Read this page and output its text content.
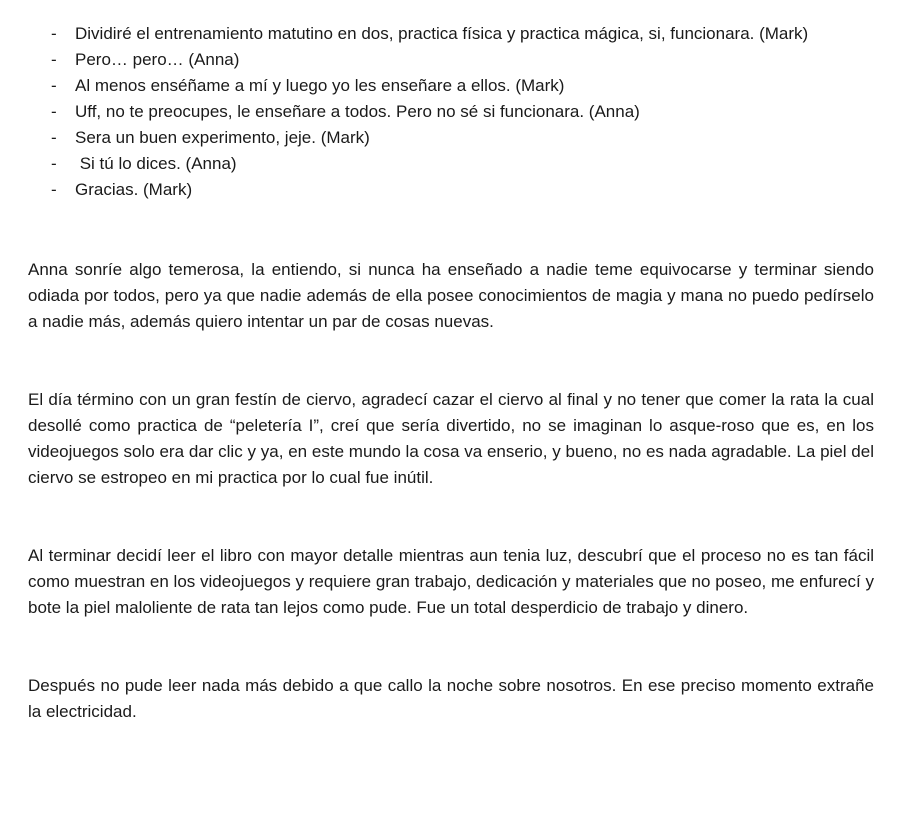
- Dividiré el entrenamiento matutino en dos, practica física y practica mágica, si, funcionara. (Mark)
- Pero… pero… (Anna)
- Al menos enséñame a mí y luego yo les enseñare a ellos. (Mark)
- Uff, no te preocupes, le enseñare a todos. Pero no sé si funcionara. (Anna)
- Sera un buen experimento, jeje. (Mark)
- Si tú lo dices. (Anna)
- Gracias. (Mark)

Anna sonríe algo temerosa, la entiendo, si nunca ha enseñado a nadie teme equivocarse y terminar siendo odiada por todos, pero ya que nadie además de ella posee conocimientos de magia y mana no puedo pedírselo a nadie más, además quiero intentar un par de cosas nuevas.

El día término con un gran festín de ciervo, agradecí cazar el ciervo al final y no tener que comer la rata la cual desollé como practica de “peletería I”, creí que sería divertido, no se imaginan lo asque-roso que es, en los videojuegos solo era dar clic y ya, en este mundo la cosa va enserio, y bueno, no es nada agradable. La piel del ciervo se estropeo en mi practica por lo cual fue inútil.

Al terminar decidí leer el libro con mayor detalle mientras aun tenia luz, descubrí que el proceso no es tan fácil como muestran en los videojuegos y requiere gran trabajo, dedicación y materiales que no poseo, me enfurecí y bote la piel maloliente de rata tan lejos como pude. Fue un total desperdicio de trabajo y dinero.

Después no pude leer nada más debido a que callo la noche sobre nosotros. En ese preciso momento extrañe la electricidad.
